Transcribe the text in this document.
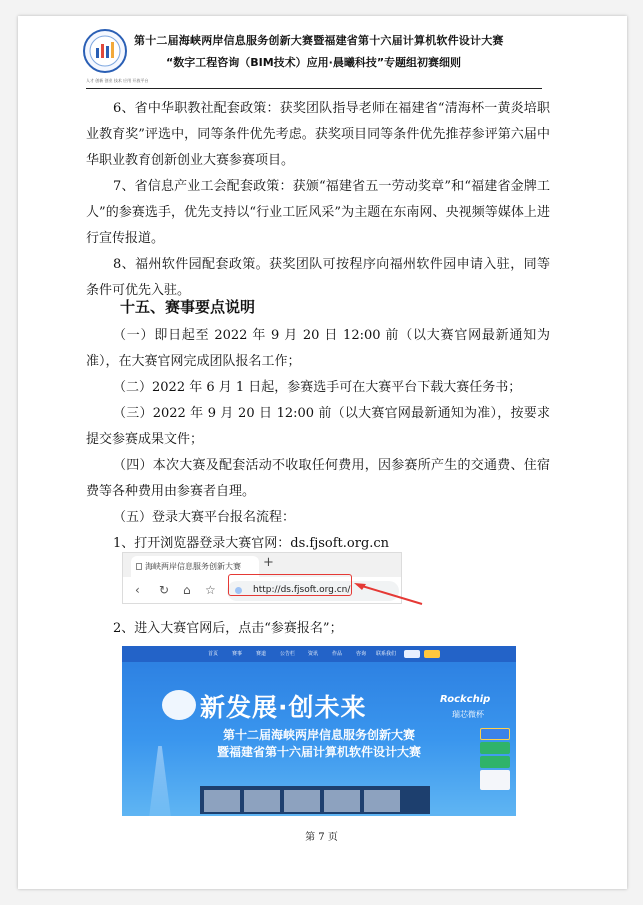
第十二届海峡两岸信息服务创新大赛暨福建省第十六届计算机软件设计大赛
“数字工程咨询（BIM技术）应用·晨曦科技”专题组初赛细则
人才 创新 创业 技术 应用 开放平台

6、省中华职教社配套政策：获奖团队指导老师在福建省“清海杯一黄炎培职业教育奖”评选中，同等条件优先考虑。获奖项目同等条件优先推荐参评第六届中华职业教育创新创业大赛参赛项目。

7、省信息产业工会配套政策：获颁“福建省五一劳动奖章”和“福建省金牌工人”的参赛选手，优先支持以“行业工匠风采”为主题在东南网、央视频等媒体上进行宣传报道。

8、福州软件园配套政策。获奖团队可按程序向福州软件园申请入驻，同等条件可优先入驻。

十五、赛事要点说明

（一）即日起至 2022 年 9 月 20 日 12:00 前（以大赛官网最新通知为准），在大赛官网完成团队报名工作；

（二）2022 年 6 月 1 日起，参赛选手可在大赛平台下载大赛任务书；

（三）2022 年 9 月 20 日 12:00 前（以大赛官网最新通知为准），按要求提交参赛成果文件；

（四）本次大赛及配套活动不收取任何费用，因参赛所产生的交通费、住宿费等各种费用由参赛者自理。

（五）登录大赛平台报名流程：

1、打开浏览器登录大赛官网：ds.fjsoft.org.cn

海峡两岸信息服务创新大赛	+
‹ ↻ ⌂ ☆	http://ds.fjsoft.org.cn/

2、进入大赛官网后，点击“参赛报名”；

首页	赛事	赛道	公告栏	资讯	作品	咨询 联系我们
新发展·创未来	Rockchip
瑞芯微杯
第十二届海峡两岸信息服务创新大赛
暨福建省第十六届计算机软件设计大赛
第 7 页
